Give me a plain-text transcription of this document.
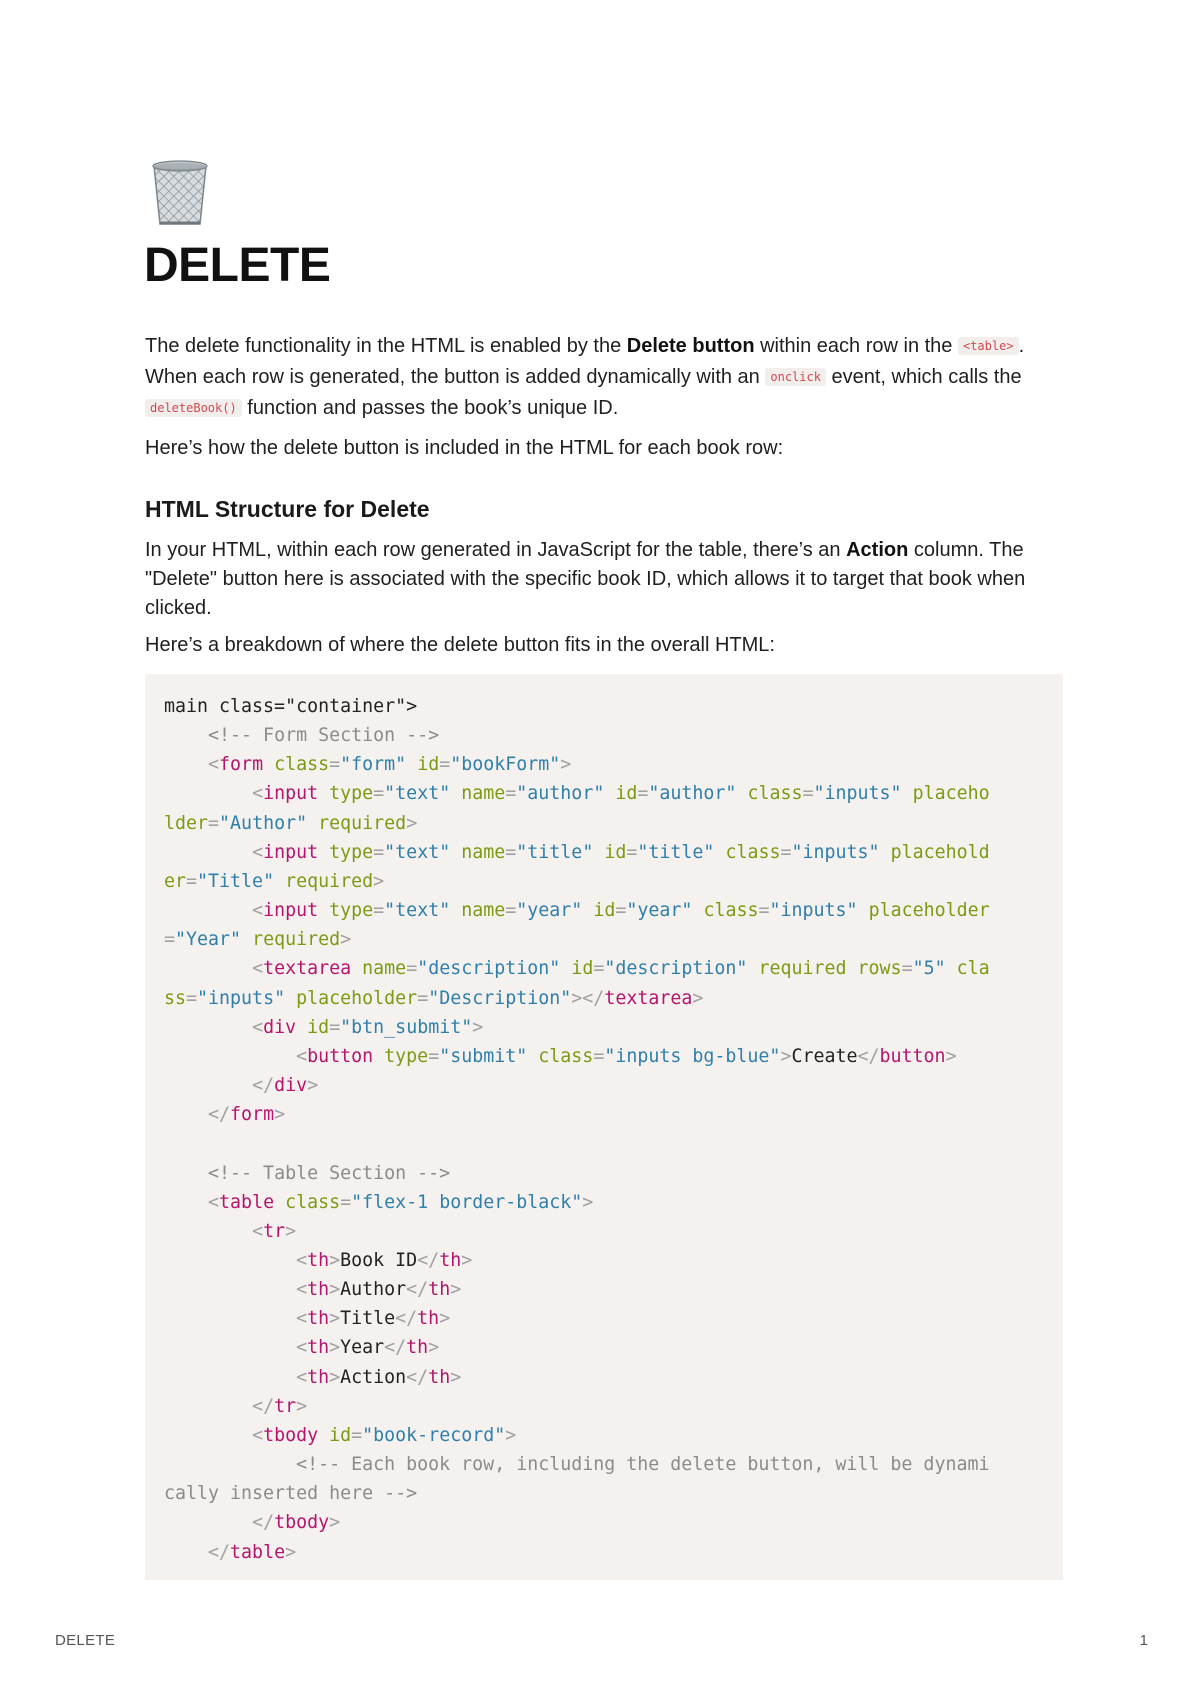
DELETE

The delete functionality in the HTML is enabled by the Delete button within each row in the <table> . When each row is generated, the button is added dynamically with an onclick event, which calls the deleteBook() function and passes the book’s unique ID.

Here’s how the delete button is included in the HTML for each book row:

HTML Structure for Delete

In your HTML, within each row generated in JavaScript for the table, there’s an Action column. The "Delete" button here is associated with the specific book ID, which allows it to target that book when clicked.

Here’s a breakdown of where the delete button fits in the overall HTML:

main class="container">
<!-- Form Section -->
<form class="form" id="bookForm">
<input type="text" name="author" id="author" class="inputs" placeho
lder="Author" required>
<input type="text" name="title" id="title" class="inputs" placehold
er="Title" required>
<input type="text" name="year" id="year" class="inputs" placeholder
="Year" required>
<textarea name="description" id="description" required rows="5" cla
ss="inputs" placeholder="Description"></textarea>
<div id="btn_submit">
<button type="submit" class="inputs bg-blue">Create</button>
</div>
</form>

<!-- Table Section -->
<table class="flex-1 border-black">
<tr>
<th>Book ID</th>
<th>Author</th>
<th>Title</th>
<th>Year</th>
<th>Action</th>
</tr>
<tbody id="book-record">
<!-- Each book row, including the delete button, will be dynami
cally inserted here -->
</tbody>
</table>
DELETE	1
